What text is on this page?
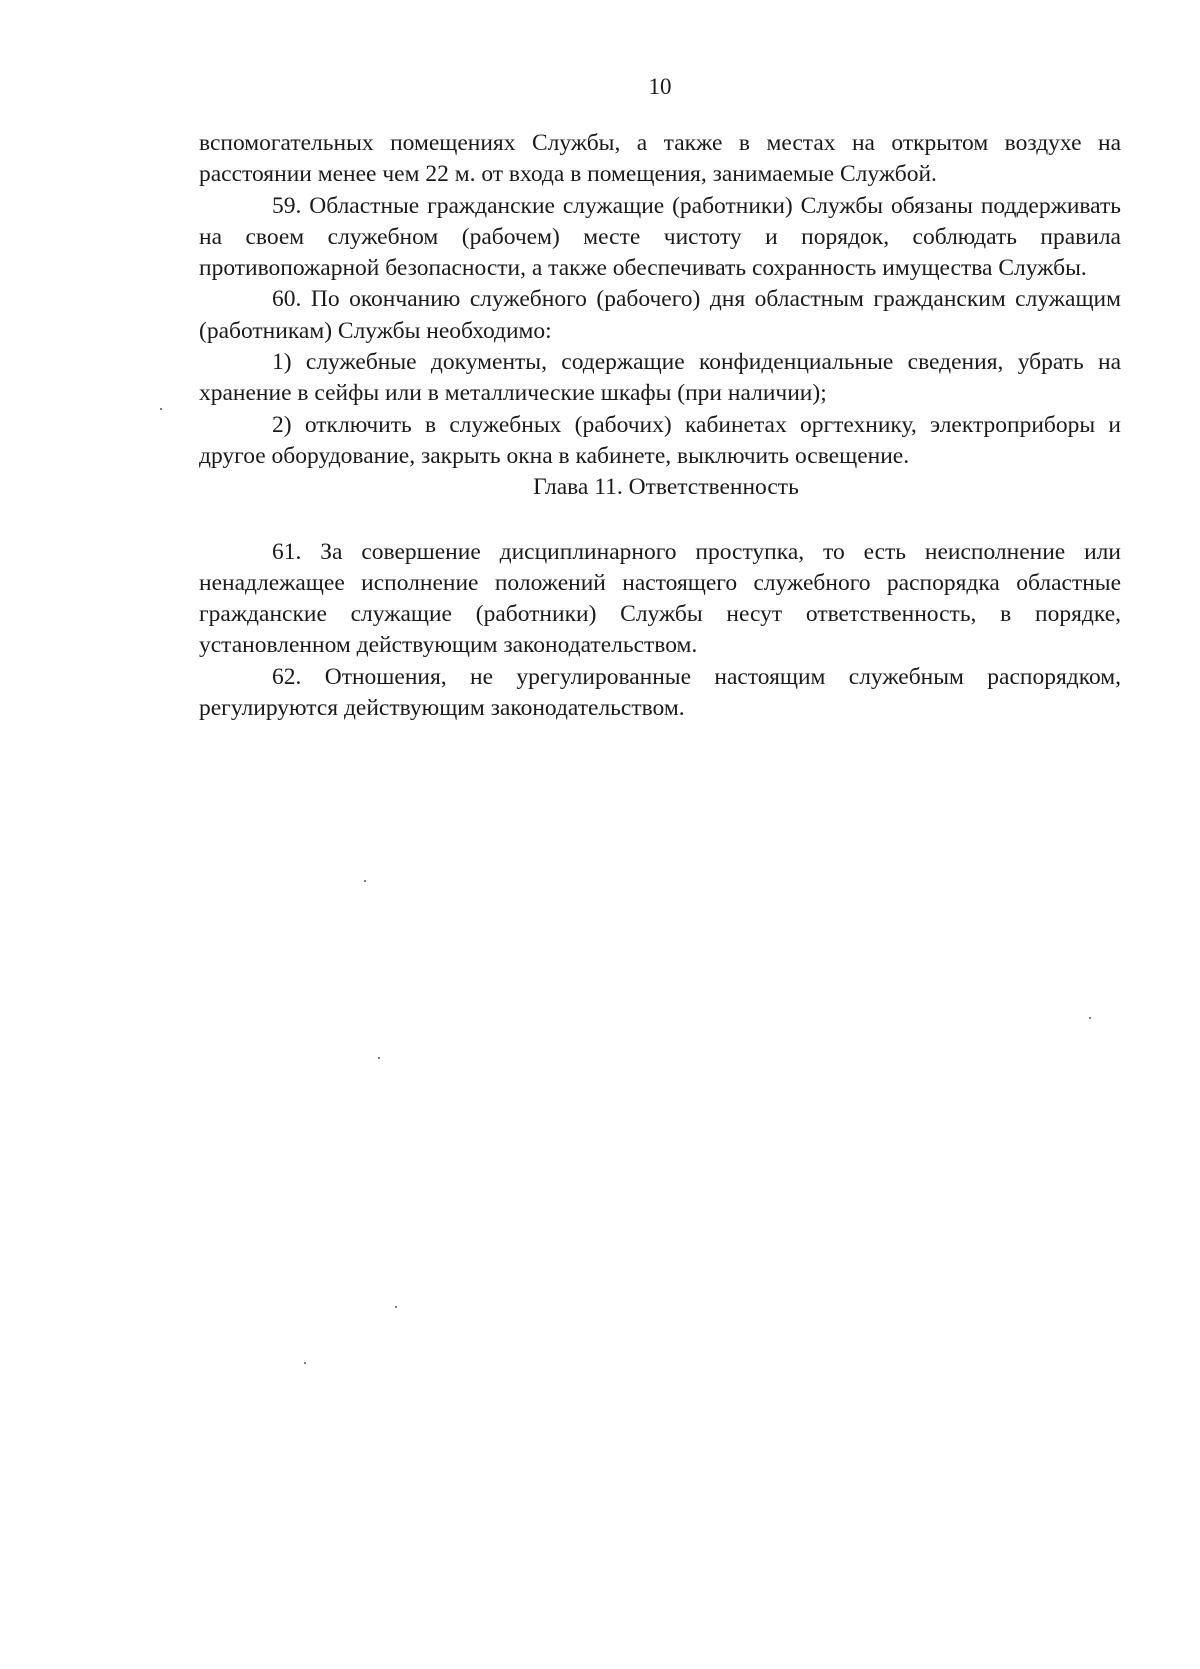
10

вспомогательных помещениях Службы, а также в местах на открытом воздухе на расстоянии менее чем 22 м. от входа в помещения, занимаемые Службой.

59. Областные гражданские служащие (работники) Службы обязаны поддерживать на своем служебном (рабочем) месте чистоту и порядок, соблюдать правила противопожарной безопасности, а также обеспечивать сохранность имущества Службы.

60. По окончанию служебного (рабочего) дня областным гражданским служащим (работникам) Службы необходимо:

1) служебные документы, содержащие конфиденциальные сведения, убрать на хранение в сейфы или в металлические шкафы (при наличии);

2) отключить в служебных (рабочих) кабинетах оргтехнику, электроприборы и другое оборудование, закрыть окна в кабинете, выключить освещение.

Глава 11. Ответственность

61. За совершение дисциплинарного проступка, то есть неисполнение или ненадлежащее исполнение положений настоящего служебного распорядка областные гражданские служащие (работники) Службы несут ответственность, в порядке, установленном действующим законодательством.

62. Отношения, не урегулированные настоящим служебным распорядком, регулируются действующим законодательством.
